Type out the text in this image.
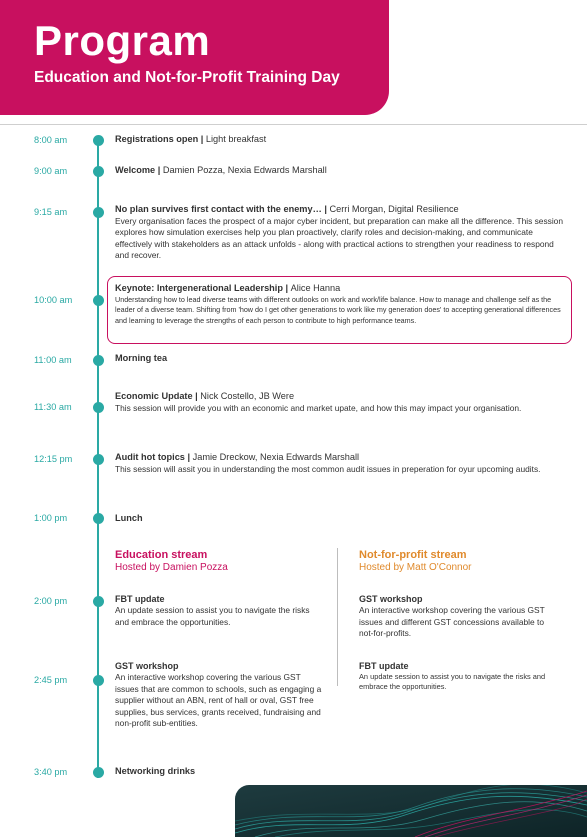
Program
Education and Not-for-Profit Training Day
8:00 am
9:00 am
9:15 am
10:00 am
11:00 am
11:30 am
12:15 pm
1:00 pm
2:00 pm
2:45 pm
3:40 pm
Registrations open | Light breakfast
Welcome | Damien Pozza, Nexia Edwards Marshall
No plan survives first contact with the enemy… | Cerri Morgan, Digital Resilience
Every organisation faces the prospect of a major cyber incident, but preparation can make all the difference. This session explores how simulation exercises help you plan proactively, clarify roles and decision-making, and communicate effectively with stakeholders as an attack unfolds - along with practical actions to strengthen your readiness to respond and recover.
Keynote: Intergenerational Leadership | Alice Hanna
Understanding how to lead diverse teams with different outlooks on work and work/life balance. How to manage and challenge self as the leader of a diverse team. Shifting from 'how do I get other generations to work like my generation does' to accepting generational differences and learning to leverage the strengths of each person to contribute to high performance teams.
Morning tea
Economic Update | Nick Costello, JB Were
This session will provide you with an economic and market upate, and how this may impact your organisation.
Audit hot topics | Jamie Dreckow, Nexia Edwards Marshall
This session will assit you in understanding the most common audit issues in preperation for oyur upcoming audits.
Lunch
Education stream
Hosted by Damien Pozza
Not-for-profit stream
Hosted by Matt O'Connor
FBT update
An update session to assist you to navigate the risks and embrace the opportunities.
GST workshop
An interactive workshop covering the various GST issues that are common to schools, such as engaging a supplier without an ABN, rent of hall or oval, GST free supplies, bus services, grants received, fundraising and non-profit sub-entities.
GST workshop
An interactive workshop covering the various GST issues and different GST concessions available to not-for-profits.
FBT update
An update session to assist you to navigate the risks and embrace the opportunities.
Networking drinks
